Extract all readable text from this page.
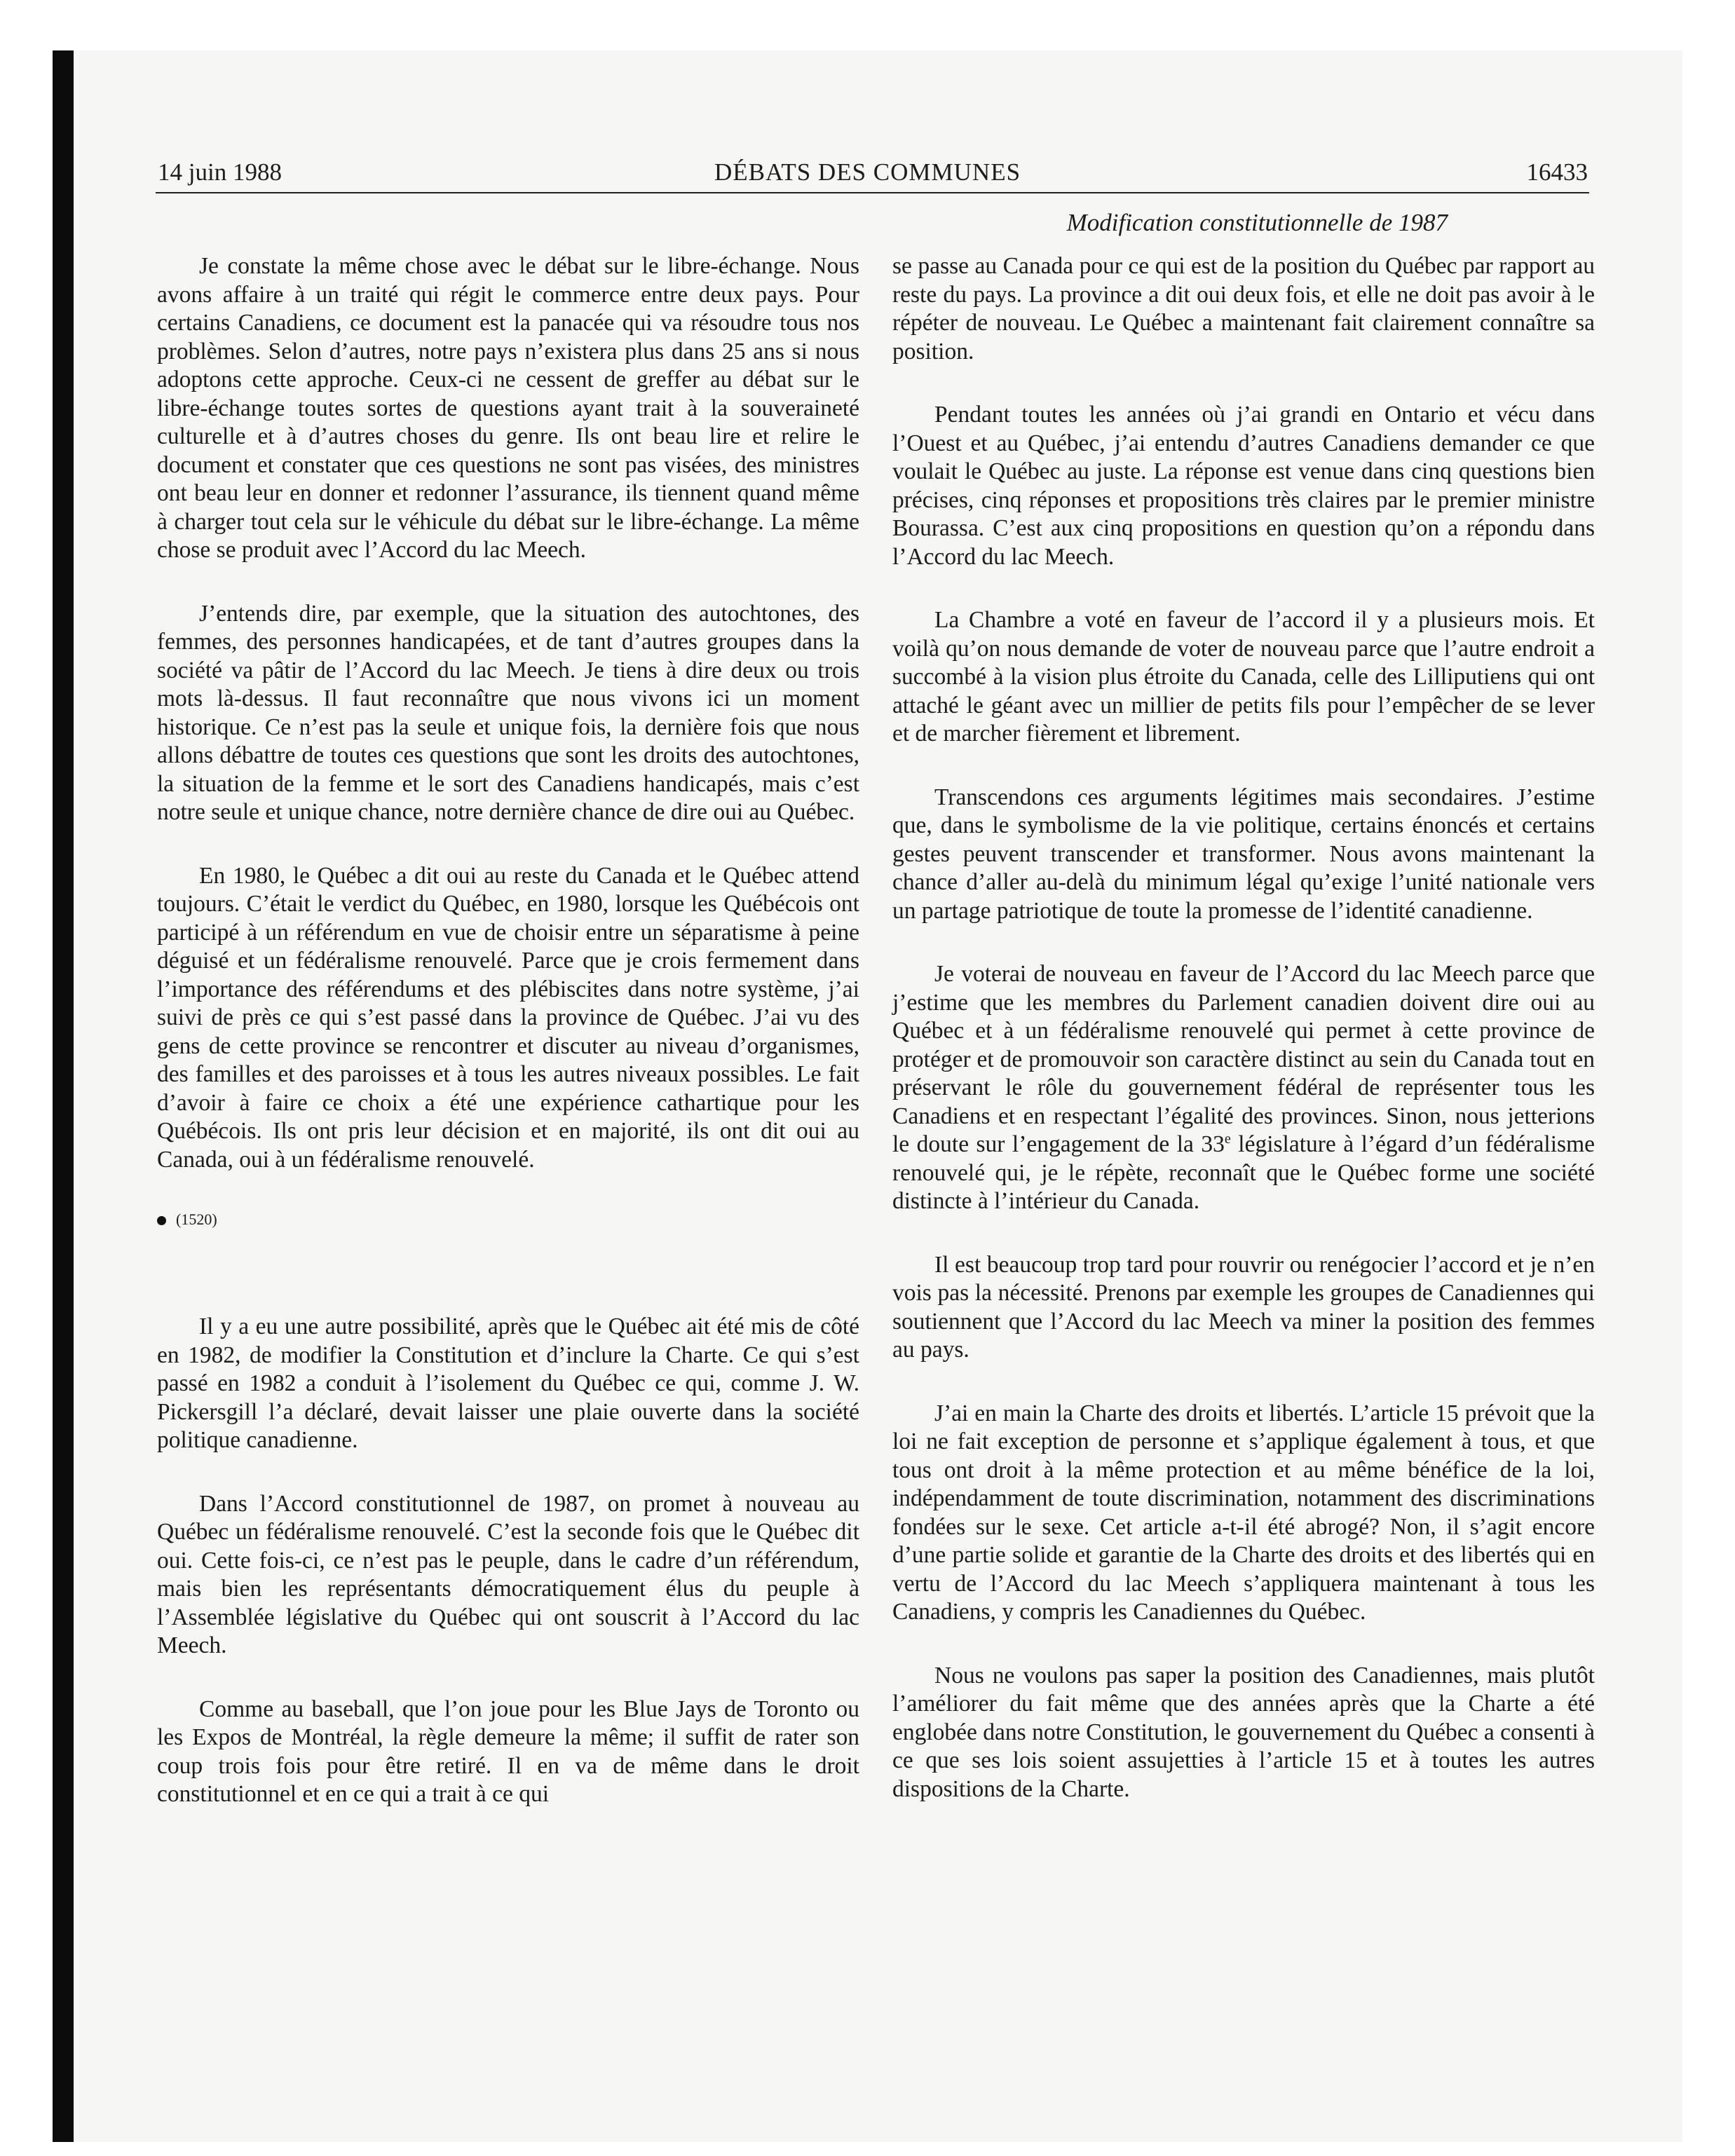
14 juin 1988	DÉBATS DES COMMUNES	16433
Modification constitutionnelle de 1987

Je constate la même chose avec le débat sur le libre-échange. Nous avons affaire à un traité qui régit le commerce entre deux pays. Pour certains Canadiens, ce document est la panacée qui va résoudre tous nos problèmes. Selon d’autres, notre pays n’existera plus dans 25 ans si nous adoptons cette approche. Ceux-ci ne cessent de greffer au débat sur le libre-échange toutes sortes de questions ayant trait à la souveraineté culturelle et à d’autres choses du genre. Ils ont beau lire et relire le document et constater que ces questions ne sont pas visées, des ministres ont beau leur en donner et redonner l’assurance, ils tiennent quand même à charger tout cela sur le véhicule du débat sur le libre-échange. La même chose se produit avec l’Accord du lac Meech.

J’entends dire, par exemple, que la situation des autochtones, des femmes, des personnes handicapées, et de tant d’autres groupes dans la société va pâtir de l’Accord du lac Meech. Je tiens à dire deux ou trois mots là-dessus. Il faut reconnaître que nous vivons ici un moment historique. Ce n’est pas la seule et unique fois, la dernière fois que nous allons débattre de toutes ces questions que sont les droits des autochtones, la situation de la femme et le sort des Canadiens handicapés, mais c’est notre seule et unique chance, notre dernière chance de dire oui au Québec.

En 1980, le Québec a dit oui au reste du Canada et le Québec attend toujours. C’était le verdict du Québec, en 1980, lorsque les Québécois ont participé à un référendum en vue de choisir entre un séparatisme à peine déguisé et un fédéralisme renouvelé. Parce que je crois fermement dans l’importance des référendums et des plébiscites dans notre système, j’ai suivi de près ce qui s’est passé dans la province de Québec. J’ai vu des gens de cette province se rencontrer et discuter au niveau d’organismes, des familles et des paroisses et à tous les autres niveaux possibles. Le fait d’avoir à faire ce choix a été une expérience cathartique pour les Québécois. Ils ont pris leur décision et en majorité, ils ont dit oui au Canada, oui à un fédéralisme renouvelé.

(1520)

Il y a eu une autre possibilité, après que le Québec ait été mis de côté en 1982, de modifier la Constitution et d’inclure la Charte. Ce qui s’est passé en 1982 a conduit à l’isolement du Québec ce qui, comme J. W. Pickersgill l’a déclaré, devait laisser une plaie ouverte dans la société politique canadienne.

Dans l’Accord constitutionnel de 1987, on promet à nouveau au Québec un fédéralisme renouvelé. C’est la seconde fois que le Québec dit oui. Cette fois-ci, ce n’est pas le peuple, dans le cadre d’un référendum, mais bien les représentants démocratiquement élus du peuple à l’Assemblée législative du Québec qui ont souscrit à l’Accord du lac Meech.

Comme au baseball, que l’on joue pour les Blue Jays de Toronto ou les Expos de Montréal, la règle demeure la même; il suffit de rater son coup trois fois pour être retiré. Il en va de même dans le droit constitutionnel et en ce qui a trait à ce qui

se passe au Canada pour ce qui est de la position du Québec par rapport au reste du pays. La province a dit oui deux fois, et elle ne doit pas avoir à le répéter de nouveau. Le Québec a maintenant fait clairement connaître sa position.

Pendant toutes les années où j’ai grandi en Ontario et vécu dans l’Ouest et au Québec, j’ai entendu d’autres Canadiens demander ce que voulait le Québec au juste. La réponse est venue dans cinq questions bien précises, cinq réponses et propositions très claires par le premier ministre Bourassa. C’est aux cinq propositions en question qu’on a répondu dans l’Accord du lac Meech.

La Chambre a voté en faveur de l’accord il y a plusieurs mois. Et voilà qu’on nous demande de voter de nouveau parce que l’autre endroit a succombé à la vision plus étroite du Canada, celle des Lilliputiens qui ont attaché le géant avec un millier de petits fils pour l’empêcher de se lever et de marcher fièrement et librement.

Transcendons ces arguments légitimes mais secondaires. J’estime que, dans le symbolisme de la vie politique, certains énoncés et certains gestes peuvent transcender et transformer. Nous avons maintenant la chance d’aller au-delà du minimum légal qu’exige l’unité nationale vers un partage patriotique de toute la promesse de l’identité canadienne.

Je voterai de nouveau en faveur de l’Accord du lac Meech parce que j’estime que les membres du Parlement canadien doivent dire oui au Québec et à un fédéralisme renouvelé qui permet à cette province de protéger et de promouvoir son caractère distinct au sein du Canada tout en préservant le rôle du gouvernement fédéral de représenter tous les Canadiens et en respectant l’égalité des provinces. Sinon, nous jetterions le doute sur l’engagement de la 33e législature à l’égard d’un fédéralisme renouvelé qui, je le répète, reconnaît que le Québec forme une société distincte à l’intérieur du Canada.

Il est beaucoup trop tard pour rouvrir ou renégocier l’accord et je n’en vois pas la nécessité. Prenons par exemple les groupes de Canadiennes qui soutiennent que l’Accord du lac Meech va miner la position des femmes au pays.

J’ai en main la Charte des droits et libertés. L’article 15 prévoit que la loi ne fait exception de personne et s’applique également à tous, et que tous ont droit à la même protection et au même bénéfice de la loi, indépendamment de toute discrimination, notamment des discriminations fondées sur le sexe. Cet article a-t-il été abrogé? Non, il s’agit encore d’une partie solide et garantie de la Charte des droits et des libertés qui en vertu de l’Accord du lac Meech s’appliquera maintenant à tous les Canadiens, y compris les Canadiennes du Québec.

Nous ne voulons pas saper la position des Canadiennes, mais plutôt l’améliorer du fait même que des années après que la Charte a été englobée dans notre Constitution, le gouvernement du Québec a consenti à ce que ses lois soient assujetties à l’article 15 et à toutes les autres dispositions de la Charte.
